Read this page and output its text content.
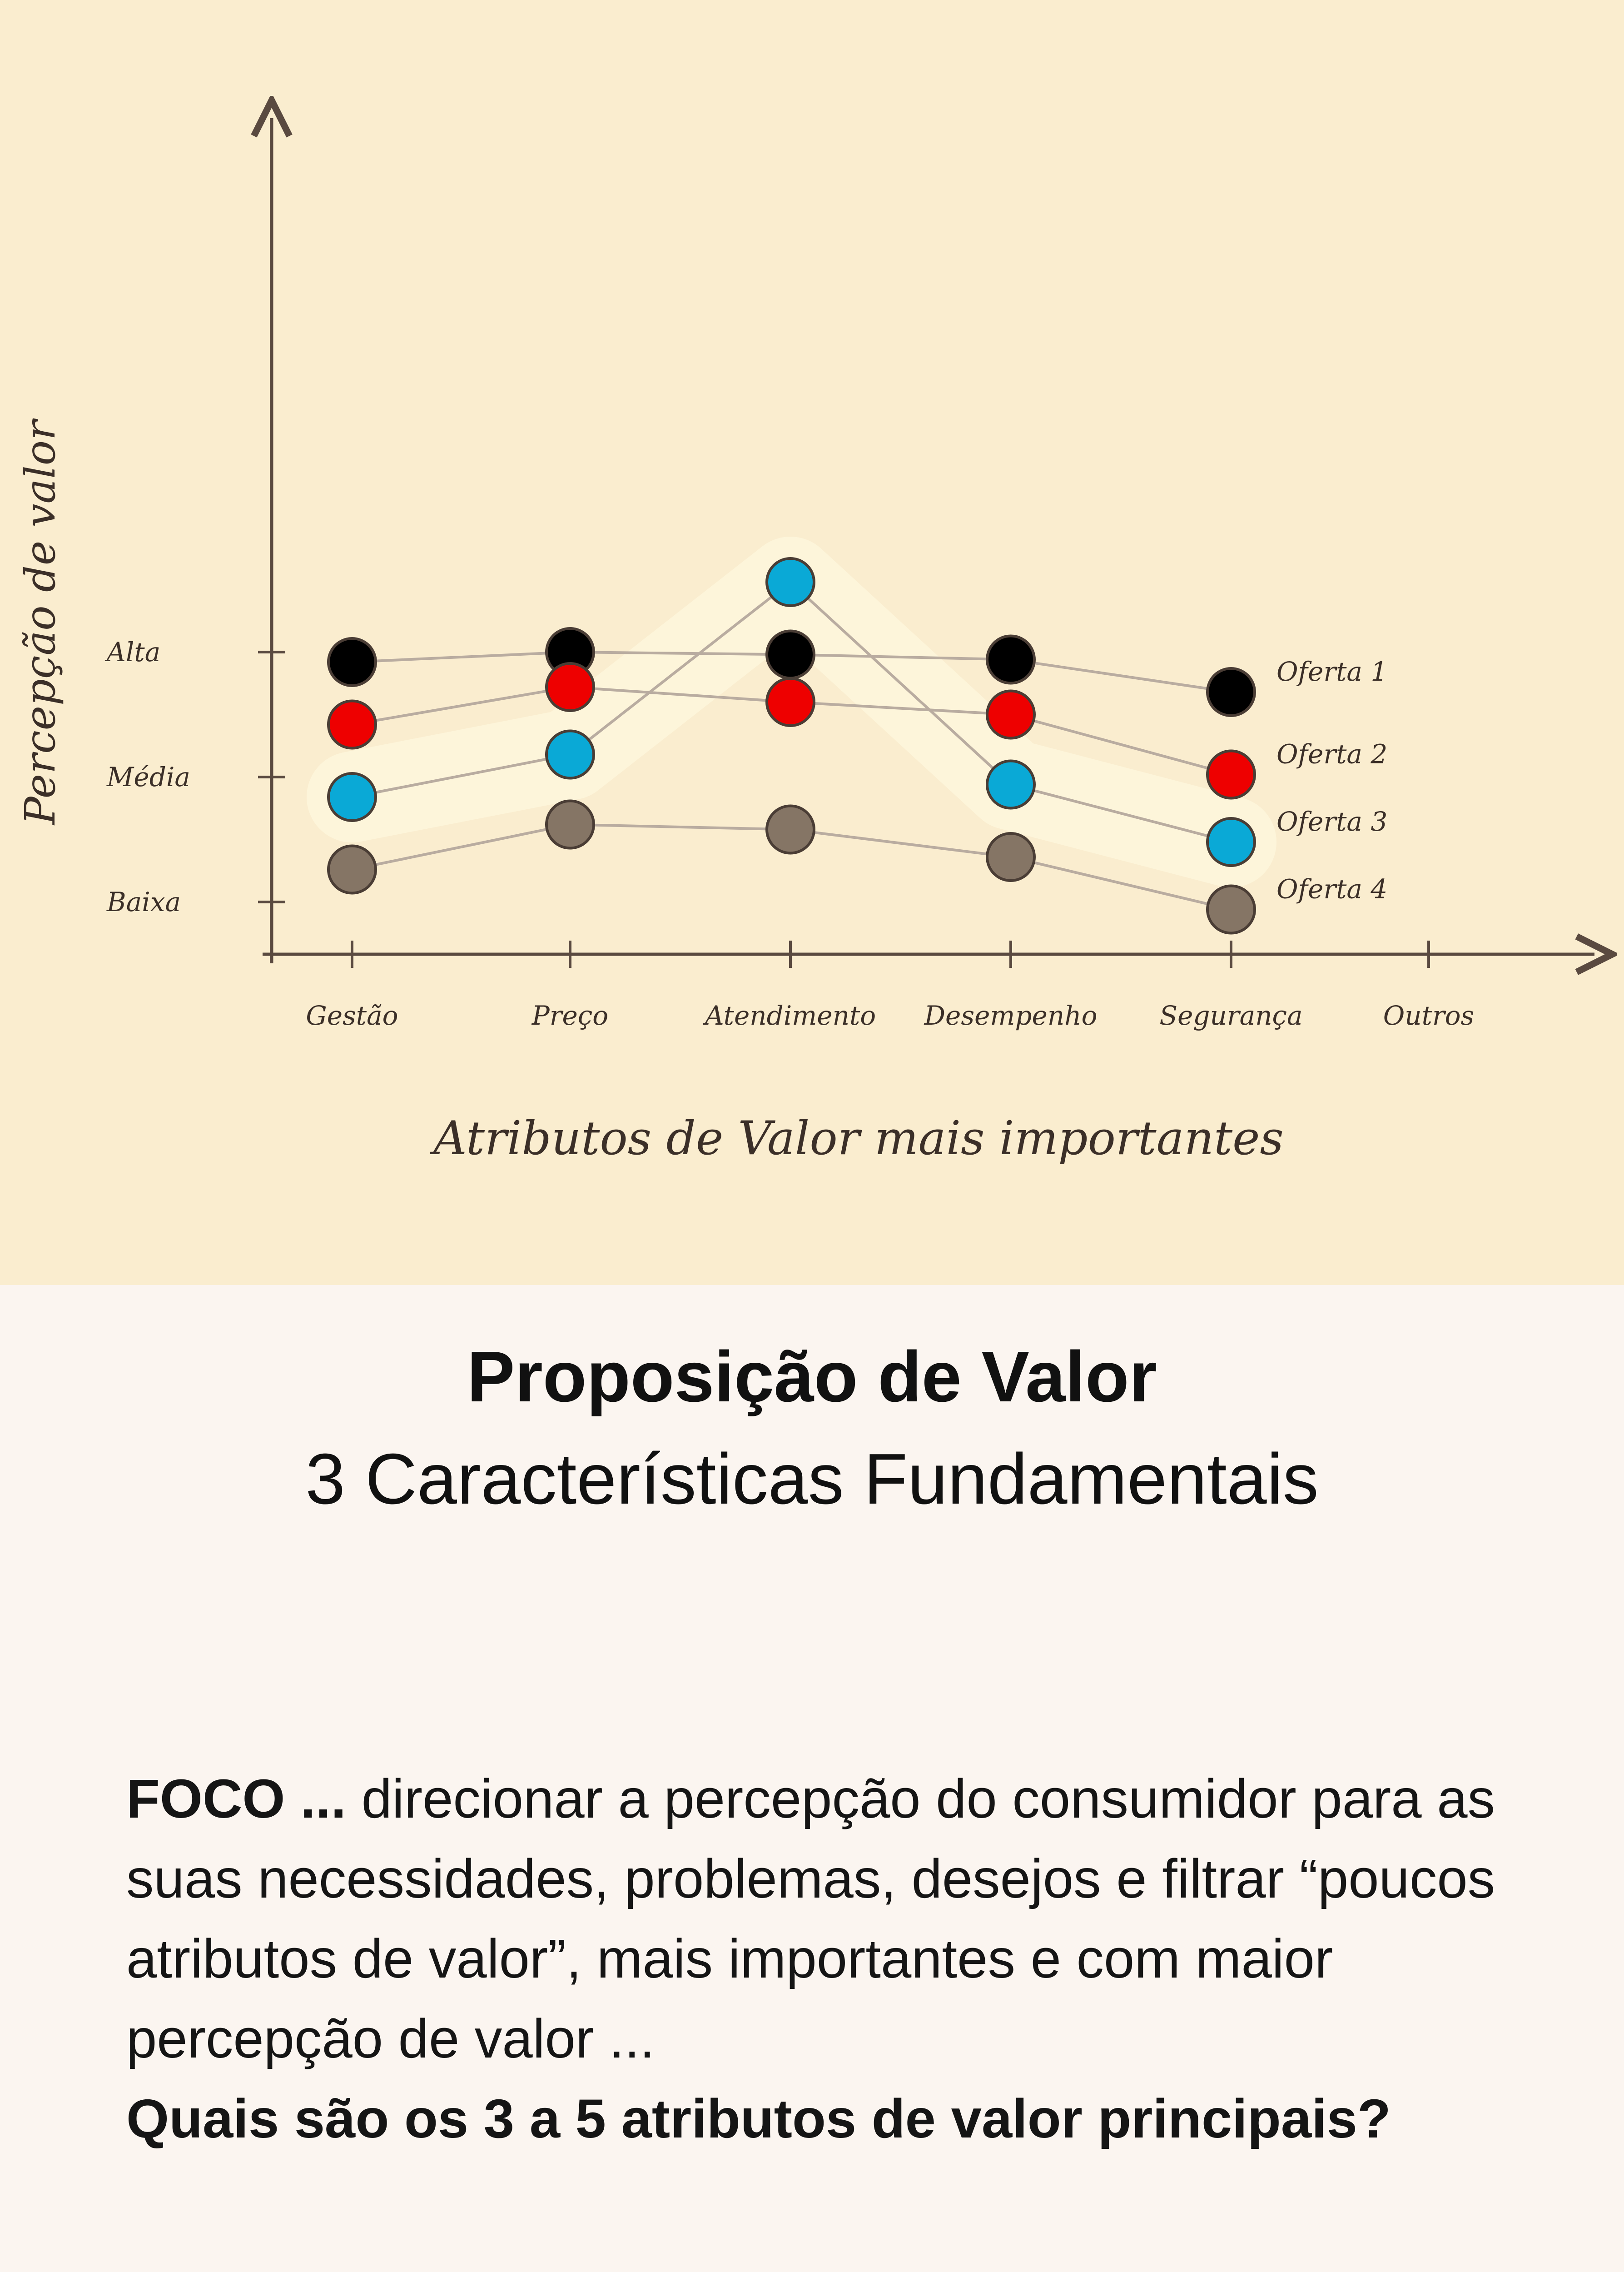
Baixa
Média
Alta
Gestão	Preço	Atendimento Desempenho Segurança	Outros
Percepção de valor
Atributos de Valor mais importantes
Oferta 1
Oferta 2
Oferta 3
Oferta 4
Proposição de Valor
3 Características Fundamentais
FOCO ... direcionar a percepção do consumidor para as suas necessidades, problemas, desejos e filtrar “poucos atributos de valor”, mais importantes e com maior percepção de valor ...
Quais são os 3 a 5 atributos de valor principais?
